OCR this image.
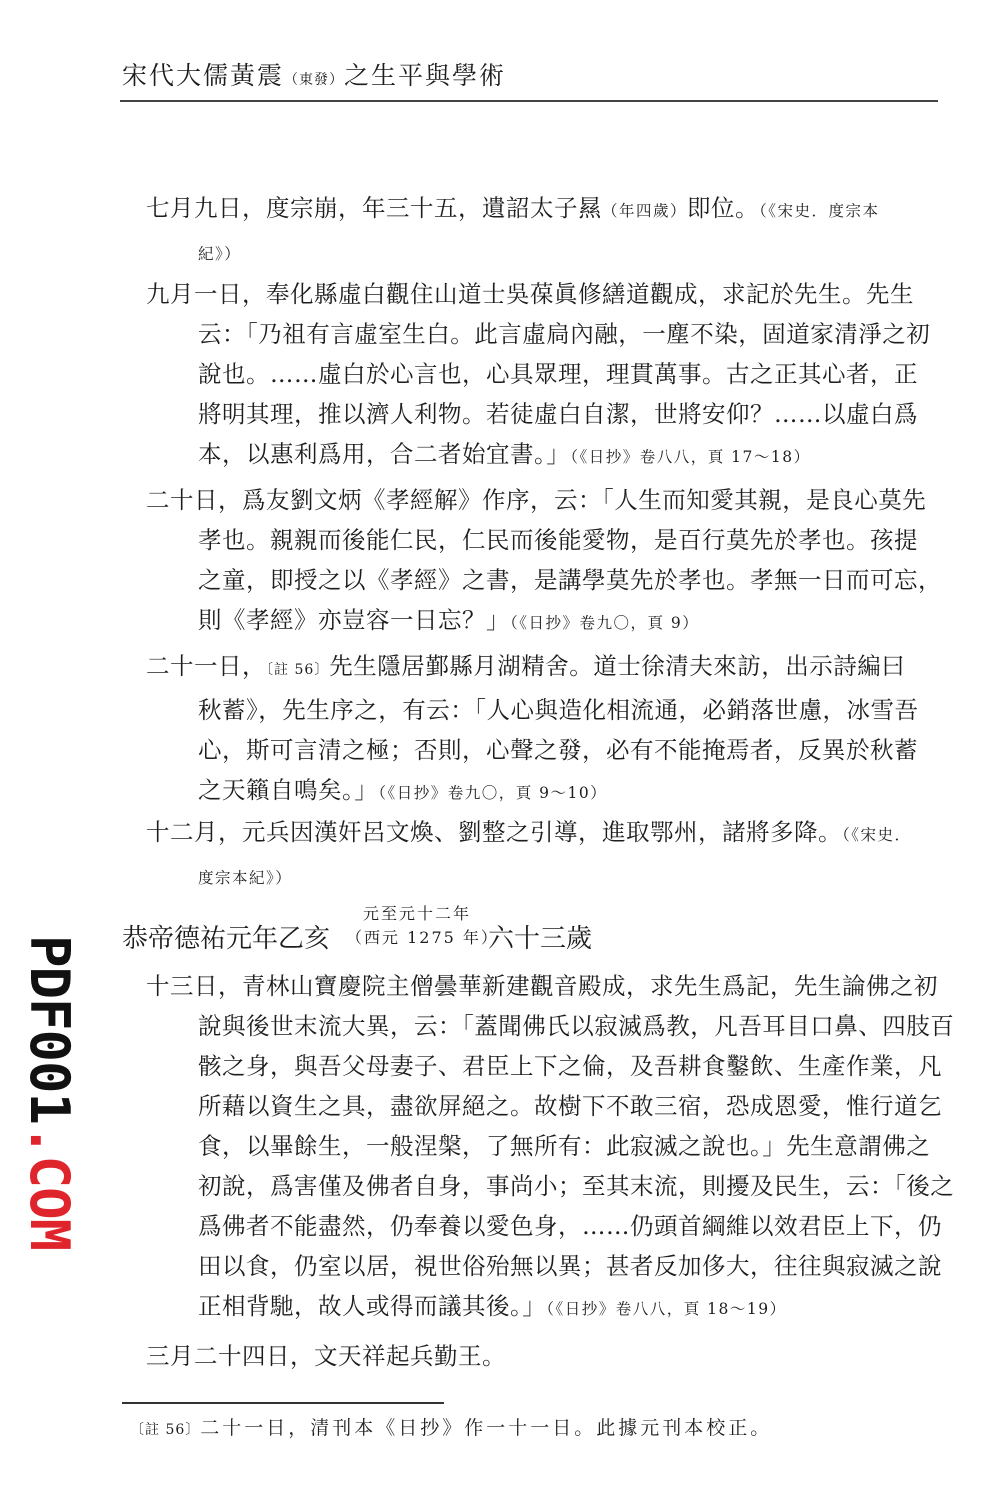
宋代大儒黃震（東發）之生平與學術
七月九日，度宗崩，年三十五，遺詔太子㬎（年四歲）即位。（《宋史．度宗本
紀》）
九月一日，奉化縣虛白觀住山道士吳葆眞修繕道觀成，求記於先生。先生
云：「乃祖有言虛室生白。此言虛扃內融，一塵不染，固道家清淨之初
說也。……虛白於心言也，心具眾理，理貫萬事。古之正其心者，正
將明其理，推以濟人利物。若徒虛白自潔，世將安仰？……以虛白爲
本，以惠利爲用，合二者始宜書。」（《日抄》卷八八，頁 17～18）
二十日，爲友劉文炳《孝經解》作序，云：「人生而知愛其親，是良心莫先
孝也。親親而後能仁民，仁民而後能愛物，是百行莫先於孝也。孩提
之童，即授之以《孝經》之書，是講學莫先於孝也。孝無一日而可忘，
則《孝經》亦豈容一日忘？」（《日抄》卷九〇，頁 9）
二十一日，〔註 56〕先生隱居鄞縣月湖精舍。道士徐清夫來訪，出示詩編曰
秋蓄》，先生序之，有云：「人心與造化相流通，必銷落世慮，冰雪吾
心，斯可言清之極；否則，心聲之發，必有不能掩焉者，反異於秋蓄
之天籟自鳴矣。」（《日抄》卷九〇，頁 9～10）
十二月，元兵因漢奸呂文煥、劉整之引導，進取鄂州，諸將多降。（《宋史．
度宗本紀》）
恭帝德祐元年乙亥
元至元十二年
（西元 1275 年）
六十三歲
PDF001.COM
十三日，青林山寶慶院主僧曇華新建觀音殿成，求先生爲記，先生論佛之初
說與後世末流大異，云：「蓋聞佛氏以寂滅爲教，凡吾耳目口鼻、四肢百
骸之身，與吾父母妻子、君臣上下之倫，及吾耕食鑿飲、生產作業，凡
所藉以資生之具，盡欲屏絕之。故樹下不敢三宿，恐成恩愛，惟行道乞
食，以畢餘生，一般涅槃，了無所有：此寂滅之說也。」先生意謂佛之
初說，爲害僅及佛者自身，事尚小；至其末流，則擾及民生，云：「後之
爲佛者不能盡然，仍奉養以愛色身，……仍頭首綱維以效君臣上下，仍
田以食，仍室以居，視世俗殆無以異；甚者反加侈大，往往與寂滅之說
正相背馳，故人或得而議其後。」（《日抄》卷八八，頁 18～19）
三月二十四日，文天祥起兵勤王。
〔註 56〕二十一日，清刊本《日抄》作一十一日。此據元刊本校正。
